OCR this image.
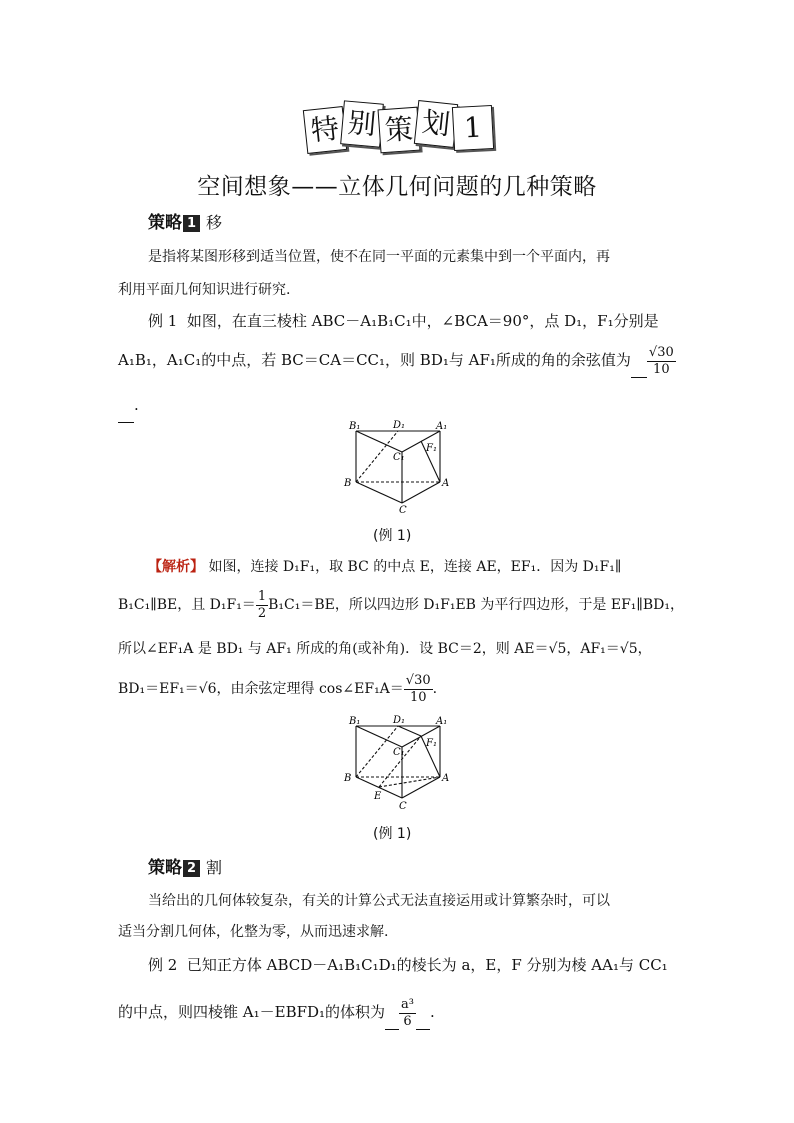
特 别 策 划 1
空间想象——立体几何问题的几种策略
策略 1 移
是指将某图形移到适当位置，使不在同一平面的元素集中到一个平面内，再
利用平面几何知识进行研究.
例 1 如图，在直三棱柱 ABC－A₁B₁C₁中，∠BCA＝90°，点 D₁，F₁分别是
A₁B₁，A₁C₁的中点，若 BC＝CA＝CC₁，则 BD₁与 AF₁所成的角的余弦值为 $\frac{√30}{10}$
.
B₁	D₁	A₁
C₁
F₁
B	A
C
(例 1)
【解析】 如图，连接 D₁F₁，取 BC 的中点 E，连接 AE，EF₁．因为 D₁F₁∥
B₁C₁∥BE，且 $D_1F_1= \frac{1}{2} B_1C_1=BE$，所以四边形 D₁F₁EB 为平行四边形，于是 EF₁∥BD₁，
所以∠EF₁A 是 BD₁ 与 AF₁ 所成的角(或补角)．设 BC＝2，则 AE＝√5，AF₁＝√5，
BD₁＝EF₁＝√6，由余弦定理得 cos∠EF₁A＝ $\frac{√30}{10}$ .
B₁	D₁	A₁
C₁
F₁
B	A
E
C
(例 1)
策略 2 割
当给出的几何体较复杂，有关的计算公式无法直接运用或计算繁杂时，可以
适当分割几何体，化整为零，从而迅速求解.
例 2 已知正方体 ABCD－A₁B₁C₁D₁的棱长为 a，E，F 分别为棱 AA₁与 CC₁
的中点，则四棱锥 A₁－EBFD₁的体积为 $\frac{\text{a³}}{6}$ .
